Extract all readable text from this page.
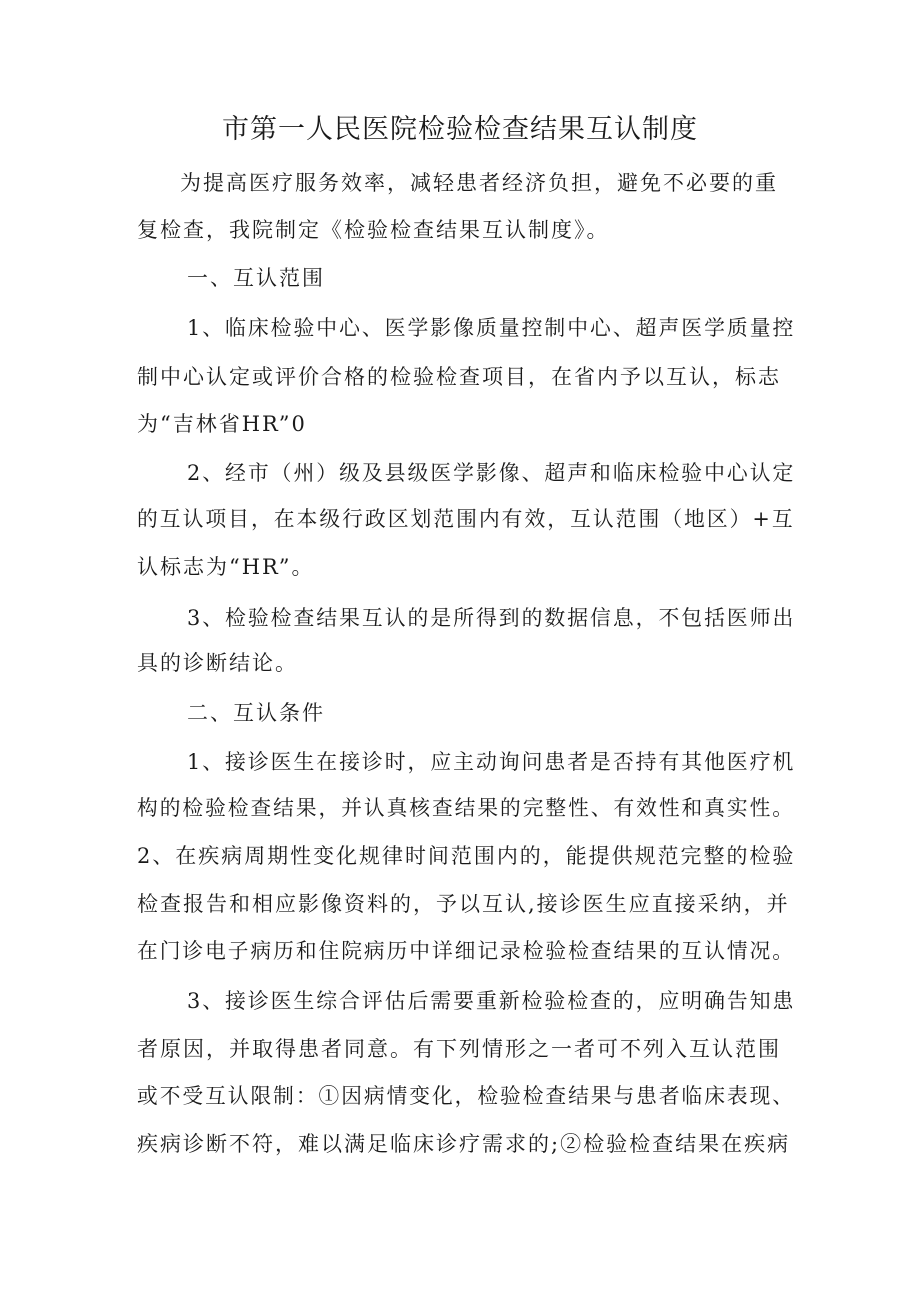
市第一人民医院检验检查结果互认制度
为提高医疗服务效率，减轻患者经济负担，避免不必要的重
复检查，我院制定《检验检查结果互认制度》。
一、互认范围
1、临床检验中心、医学影像质量控制中心、超声医学质量控
制中心认定或评价合格的检验检查项目，在省内予以互认，标志
为“吉林省HR”0
2、经市（州）级及县级医学影像、超声和临床检验中心认定
的互认项目，在本级行政区划范围内有效，互认范围（地区）+互
认标志为“HR”。
3、检验检查结果互认的是所得到的数据信息，不包括医师出
具的诊断结论。
二、互认条件
1、接诊医生在接诊时，应主动询问患者是否持有其他医疗机
构的检验检查结果，并认真核查结果的完整性、有效性和真实性。
2、在疾病周期性变化规律时间范围内的，能提供规范完整的检验
检查报告和相应影像资料的，予以互认,接诊医生应直接采纳，并
在门诊电子病历和住院病历中详细记录检验检查结果的互认情况。
3、接诊医生综合评估后需要重新检验检查的，应明确告知患
者原因，并取得患者同意。有下列情形之一者可不列入互认范围
或不受互认限制：①因病情变化，检验检查结果与患者临床表现、
疾病诊断不符，难以满足临床诊疗需求的;②检验检查结果在疾病
